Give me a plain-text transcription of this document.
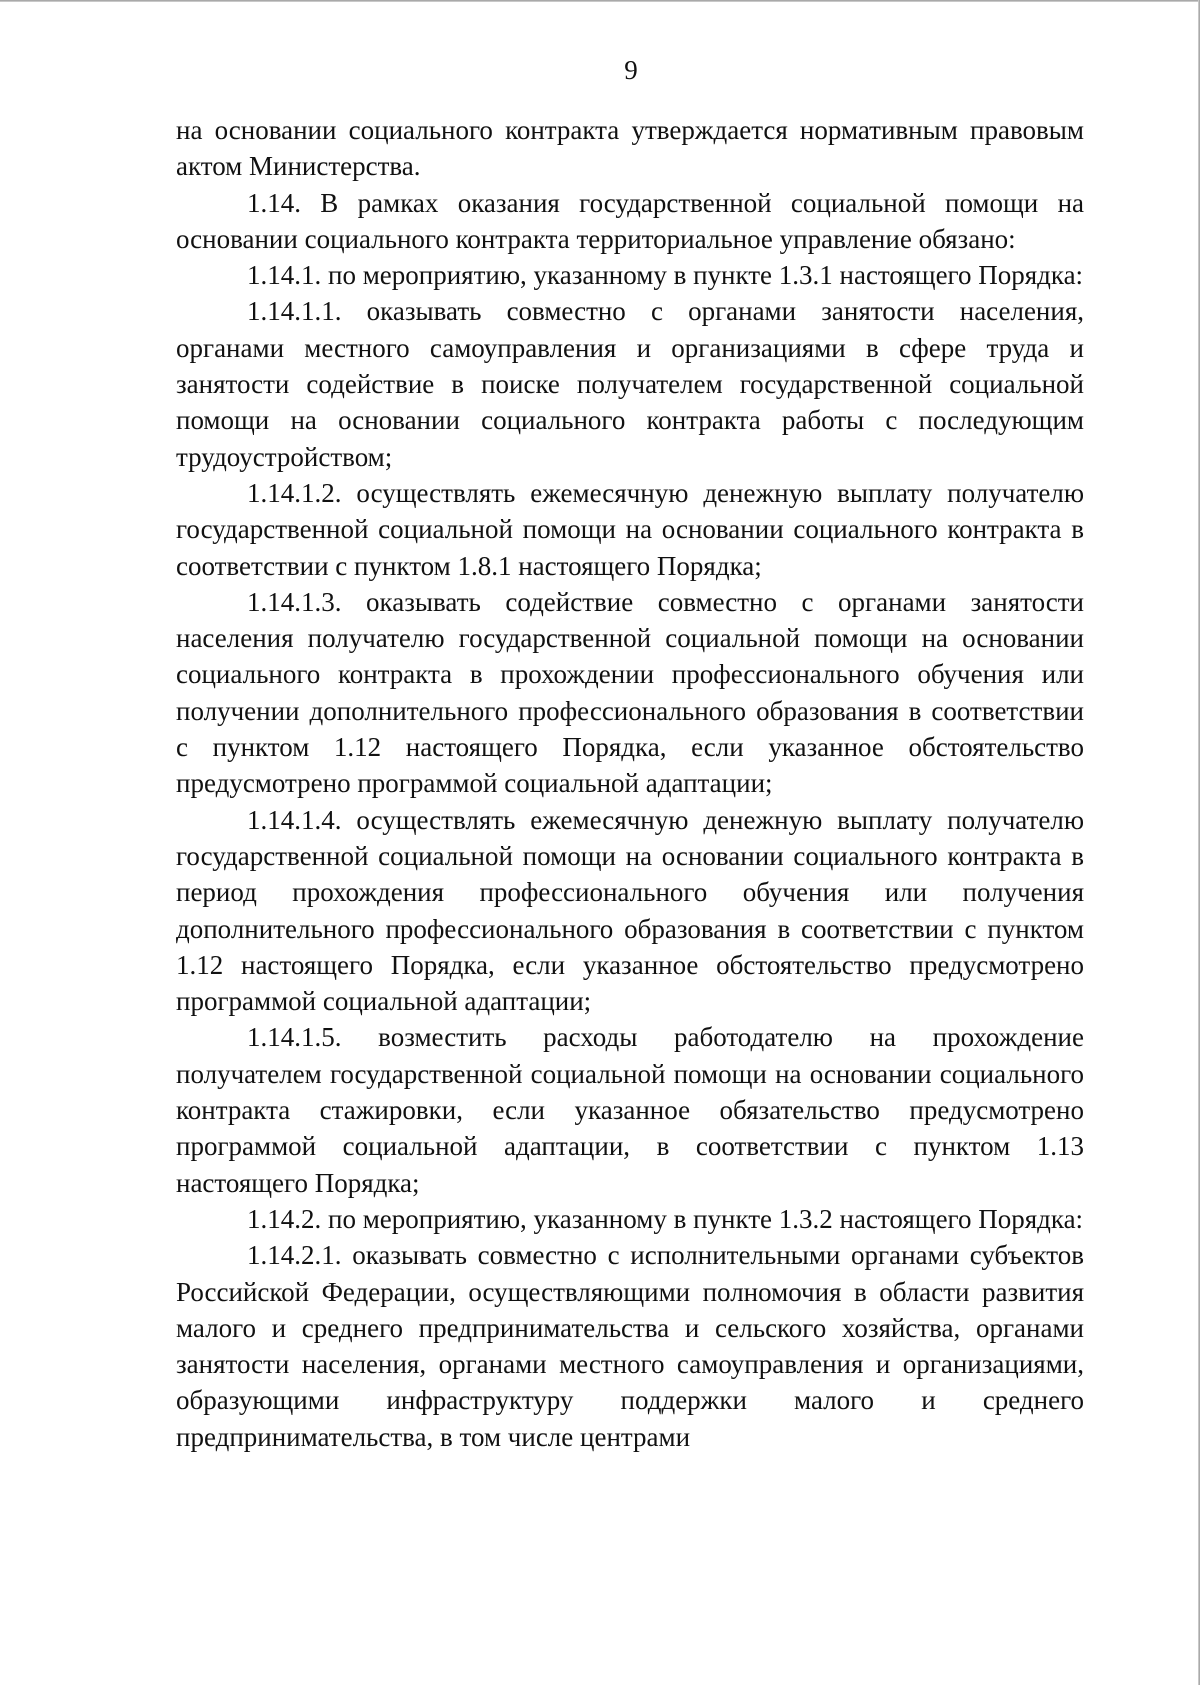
9

на основании социального контракта утверждается нормативным правовым актом Министерства.

1.14. В рамках оказания государственной социальной помощи на основании социального контракта территориальное управление обязано:

1.14.1. по мероприятию, указанному в пункте 1.3.1 настоящего Порядка:

1.14.1.1. оказывать совместно с органами занятости населения, органами местного самоуправления и организациями в сфере труда и занятости содействие в поиске получателем государственной социальной помощи на основании социального контракта работы с последующим трудоустройством;

1.14.1.2. осуществлять ежемесячную денежную выплату получателю государственной социальной помощи на основании социального контракта в соответствии с пунктом 1.8.1 настоящего Порядка;

1.14.1.3. оказывать содействие совместно с органами занятости населения получателю государственной социальной помощи на основании социального контракта в прохождении профессионального обучения или получении дополнительного профессионального образования в соответствии с пунктом 1.12 настоящего Порядка, если указанное обстоятельство предусмотрено программой социальной адаптации;

1.14.1.4. осуществлять ежемесячную денежную выплату получателю государственной социальной помощи на основании социального контракта в период прохождения профессионального обучения или получения дополнительного профессионального образования в соответствии с пунктом 1.12 настоящего Порядка, если указанное обстоятельство предусмотрено программой социальной адаптации;

1.14.1.5. возместить расходы работодателю на прохождение получателем государственной социальной помощи на основании социального контракта стажировки, если указанное обязательство предусмотрено программой социальной адаптации, в соответствии с пунктом 1.13 настоящего Порядка;

1.14.2. по мероприятию, указанному в пункте 1.3.2 настоящего Порядка:

1.14.2.1. оказывать совместно с исполнительными органами субъектов Российской Федерации, осуществляющими полномочия в области развития малого и среднего предпринимательства и сельского хозяйства, органами занятости населения, органами местного самоуправления и организациями, образующими инфраструктуру поддержки малого и среднего предпринимательства, в том числе центрами
